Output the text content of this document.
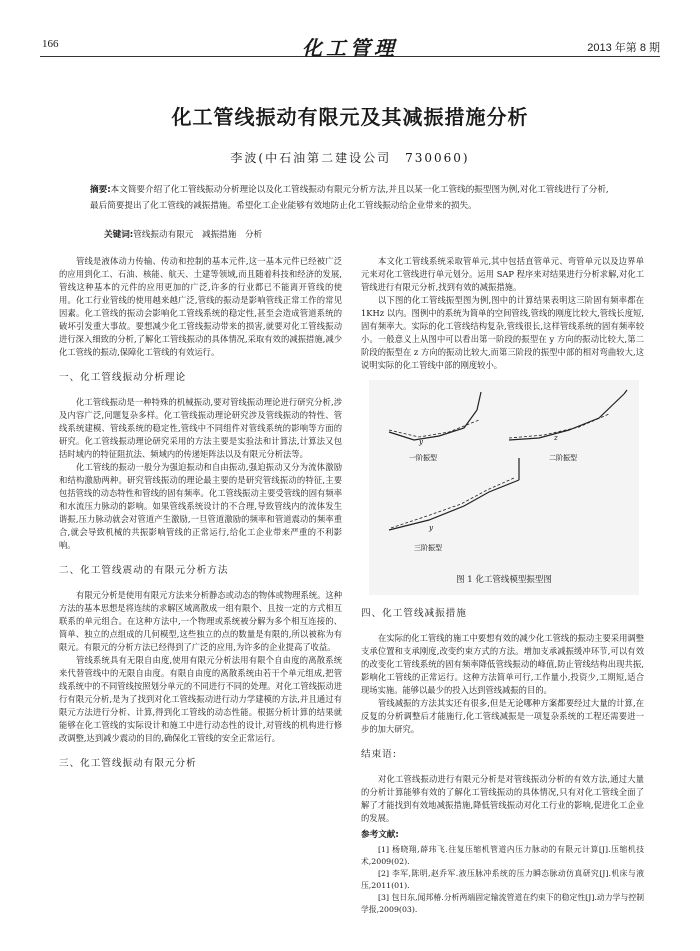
166	化工管理	2013 年第 8 期
化工管线振动有限元及其减振措施分析
李波(中石油第二建设公司　730060)
摘要:本文简要介绍了化工管线振动分析理论以及化工管线振动有限元分析方法,并且以某一化工管线的振型图为例,对化工管线进行了分析,最后简要提出了化工管线的减振措施。希望化工企业能够有效地防止化工管线振动给企业带来的损失。
关键词:管线振动有限元　减振措施　分析

管线是液体动力传输、传动和控制的基本元件,这一基本元件已经被广泛的应用到化工、石油、核能、航天、土建等领域,而且随着科技和经济的发展,管线这种基本的元件的应用更加的广泛,许多的行业都已不能离开管线的使用。化工行业管线的使用越来越广泛,管线的振动是影响管线正常工作的常见因素。化工管线的振动会影响化工管线系统的稳定性,甚至会造成管道系统的破坏引发重大事故。要想减少化工管线振动带来的损害,就要对化工管线振动进行深入细致的分析,了解化工管线振动的具体情况,采取有效的减振措施,减少化工管线的振动,保障化工管线的有效运行。

一、化工管线振动分析理论

化工管线振动是一种特殊的机械振动,要对管线振动理论进行研究分析,涉及内容广泛,问题复杂多样。化工管线振动理论研究涉及管线振动的特性、管线系统建模、管线系统的稳定性,管线中不同组件对管线系统的影响等方面的研究。化工管线振动理论研究采用的方法主要是实验法和计算法,计算法又包括时域内的特征阻抗法、频域内的传递矩阵法以及有限元分析法等。

化工管线的振动一般分为强迫振动和自由振动,强迫振动又分为流体激励和结构激励两种。研究管线振动的理论最主要的是研究管线振动的特征,主要包括管线的动态特性和管线的固有频率。化工管线振动主要受管线的固有频率和水流压力脉动的影响。如果管线系统设计的不合理,导致管线内的流体发生谐振,压力脉动就会对管道产生激励,一旦管道激励的频率和管道震动的频率重合,就会导致机械的共振影响管线的正常运行,给化工企业带来严重的不利影响。

二、化工管线震动的有限元分析方法

有限元分析是使用有限元方法来分析静态或动态的物体或物理系统。这种方法的基本思想是将连续的求解区域离散成一组有限个、且按一定的方式相互联系的单元组合。在这种方法中,一个物理或系统被分解为多个相互连接的、简单、独立的点组成的几何模型,这些独立的点的数量是有限的,所以被称为有限元。有限元的分析方法已经得到了广泛的应用,为许多的企业提高了收益。

管线系统具有无限自由度,使用有限元分析法用有限个自由度的离散系统来代替管线中的无限自由度。有限自由度的离散系统由若干个单元组成,把管线系统中的不同管线按照划分单元的不同进行不同的处理。对化工管线振动进行有限元分析,是为了找到对化工管线振动进行动力学建模的方法,并且通过有限元方法进行分析、计算,得到化工管线的动态性能。根据分析计算的结果就能够在化工管线的实际设计和施工中进行动态性的设计,对管线的机构进行修改调整,达到减少震动的目的,确保化工管线的安全正常运行。

三、化工管线振动有限元分析

本文化工管线系统采取管单元,其中包括直管单元、弯管单元以及边界单元来对化工管线进行单元划分。运用 SAP 程序来对结果进行分析求解,对化工管线进行有限元分析,找到有效的减振措施。

以下图的化工管线振型图为例,图中的计算结果表明这三阶固有频率都在 1KHz 以内。图例中的系统为简单的空间管线,管线的刚度比较大,管线长度短,固有频率大。实际的化工管线结构复杂,管线很长,这样管线系统的固有频率较小。一般意义上从图中可以看出第一阶段的振型在 y 方向的振动比较大,第二阶段的振型在 z 方向的振动比较大,而第三阶段的振型中部的相对弯曲较大,这说明实际的化工管线中部的刚度较小。

y
一阶振型
z
二阶振型
y
三阶振型
图 1 化工管线模型振型图
四、化工管线减振措施

在实际的化工管线的施工中要想有效的减少化工管线的振动主要采用调整支承位置和支承刚度,改变约束方式的方法。增加支承减振缓冲环节,可以有效的改变化工管线系统的固有频率降低管线振动的峰值,防止管线结构出现共振,影响化工管线的正常运行。这种方法简单可行,工作量小,投资少,工期短,适合现场实施。能够以最少的投入达到管线减振的目的。

管线减振的方法其实还有很多,但是无论哪种方案都要经过大量的计算,在反复的分析调整后才能施行,化工管线减振是一项复杂系统的工程还需要进一步的加大研究。

结束语:

对化工管线振动进行有限元分析是对管线振动分析的有效方法,通过大量的分析计算能够有效的了解化工管线振动的具体情况,只有对化工管线全面了解了才能找到有效地减振措施,降低管线振动对化工行业的影响,促进化工企业的发展。

参考文献:

[1] 杨晓翔,薛玮飞.往复压缩机管道内压力脉动的有限元计算[J].压缩机技术,2009(02).

[2] 李军,陈明,赵乔军.液压脉冲系统的压力瞬态脉动仿真研究[J].机床与液压,2011(01).

[3] 包日东,闻邦椿.分析两端固定输流管道在约束下的稳定性[J].动力学与控制学报,2009(03).
